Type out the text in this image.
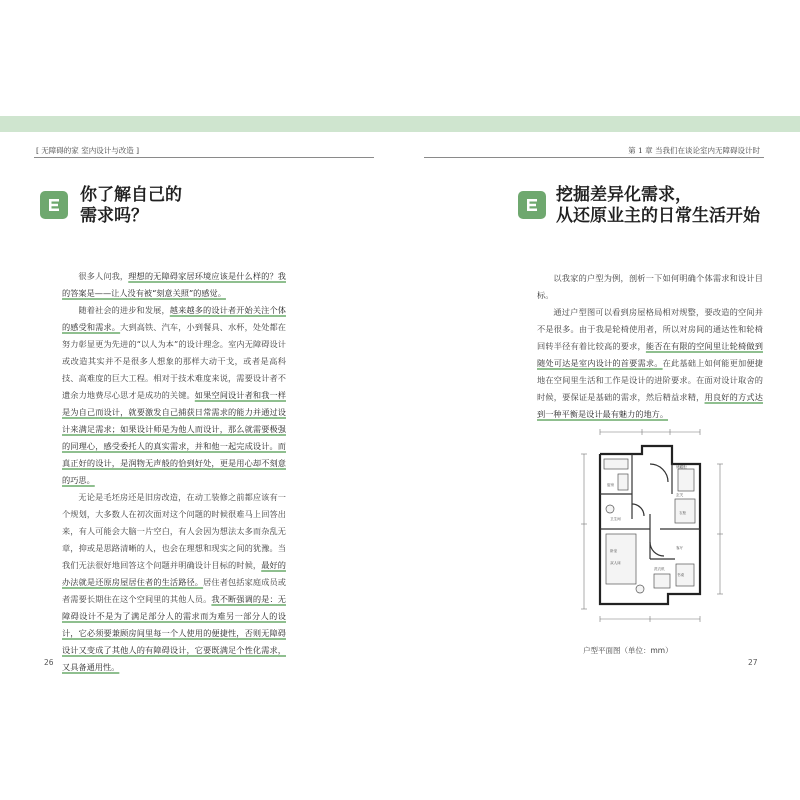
[ 无障碍的家 室内设计与改造 ]	第 1 章 当我们在谈论室内无障碍设计时
你了解自己的
需求吗？

很多人问我，理想的无障碍家居环境应该是什么样的？我的答案是——让人没有被“刻意关照”的感觉。

随着社会的进步和发展，越来越多的设计者开始关注个体的感受和需求。大到高铁、汽车，小到餐具、水杯，处处都在努力彰显更为先进的“以人为本”的设计理念。室内无障碍设计或改造其实并不是很多人想象的那样大动干戈，或者是高科技、高难度的巨大工程。相对于技术难度来说，需要设计者不遗余力地费尽心思才是成功的关键。如果空间设计者和我一样是为自己而设计，就要激发自己捕获日常需求的能力并通过设计来满足需求；如果设计师是为他人而设计，那么就需要极强的同理心，感受委托人的真实需求，并和他一起完成设计。而真正好的设计，是润物无声般的恰到好处，更是用心却不刻意的巧思。

无论是毛坯房还是旧房改造，在动工装修之前都应该有一个规划，大多数人在初次面对这个问题的时候很难马上回答出来，有人可能会大脑一片空白，有人会因为想法太多而杂乱无章，抑或是思路清晰的人，也会在理想和现实之间的犹豫。当我们无法很好地回答这个问题并明确设计目标的时候，最好的办法就是还原房屋居住者的生活路径。居住者包括家庭成员或者需要长期住在这个空间里的其他人员。我不断强调的是：无障碍设计不是为了满足部分人的需求而为难另一部分人的设计，它必须要兼顾房间里每一个人使用的便捷性，否则无障碍设计又变成了其他人的有障碍设计，它要既满足个性化需求，又具备通用性。

26
挖掘差异化需求，
从还原业主的日常生活开始

以我家的户型为例，剖析一下如何明确个体需求和设计目标。

通过户型图可以看到房屋格局相对规整，要改造的空间并不是很多。由于我是轮椅使用者，所以对房间的通达性和轮椅回转半径有着比较高的要求，能否在有限的空间里让轮椅做到随处可达是室内设计的首要需求。在此基础上如何能更加便捷地在空间里生活和工作是设计的进阶要求。在面对设计取舍的时候，要保证是基础的需求，然后精益求精，用良好的方式达到一种平衡是设计最有魅力的地方。

卧室
厨房
卫生间
储藏柜
玄关
客厅
双人床
书桌
衣柜
洗衣机
户型平面图（单位：mm）
27
